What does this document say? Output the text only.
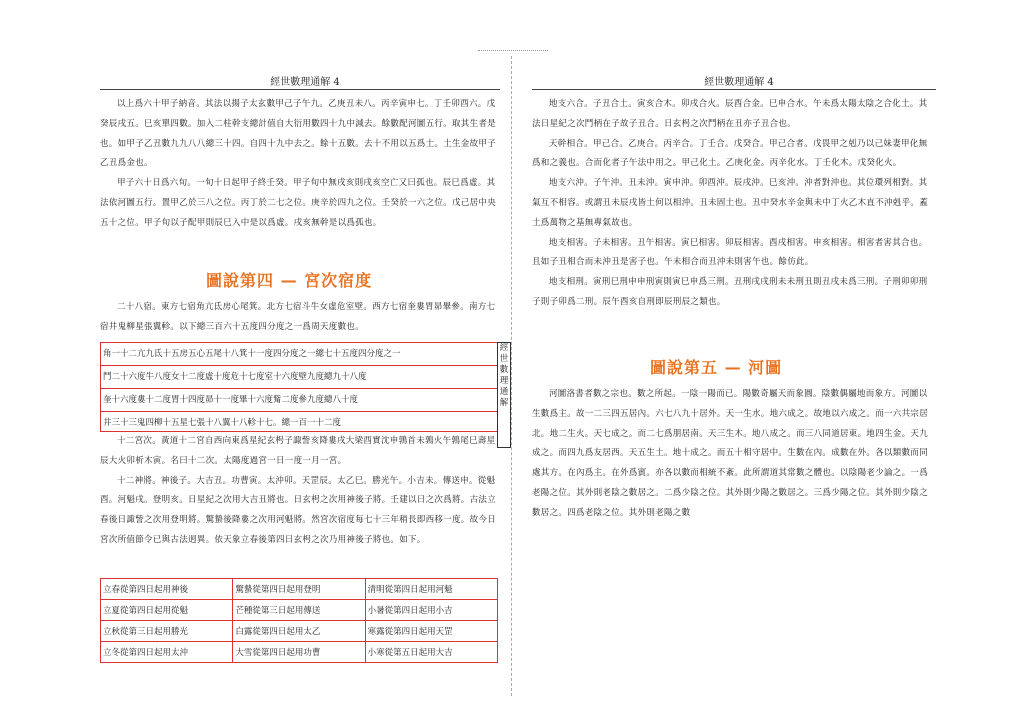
經世數理通解 4

以上爲六十甲子納音。其法以揚子太玄數甲己子午九。乙庚丑未八。丙辛寅申七。丁壬卯酉六。戊癸辰戌五。巳亥單四數。加入二柱幹支總計值自大衍用數四十九中減去。餘數配河圖五行。取其生者是也。如甲子乙丑數九九八八總三十四。自四十九中去之。餘十五數。去十不用以五爲土。土生金故甲子乙丑爲金也。

甲子六十日爲六旬。一旬十日起甲子終壬癸。甲子旬中無戌亥則戌亥空亡又曰孤也。辰巳爲虛。其法依河圖五行。置甲乙於三八之位。丙丁於二七之位。庚辛於四九之位。壬癸於一六之位。戊己居中央五十之位。甲子旬以子配甲則辰巳入中是以爲虛。戌亥無幹是以爲孤也。

圖說第四 — 宮次宿度

二十八宿。東方七宿角亢氐房心尾箕。北方七宿斗牛女虛危室壁。西方七宿奎婁胃昴畢參。南方七宿井鬼柳星張翼軫。以下總三百六十五度四分度之一爲周天度數也。

角一十二亢九氐十五房五心五尾十八箕十一度四分度之一總七十五度四分度之一
鬥二十六度牛八度女十二度虛十度危十七度室十六度壁九度總九十八度
奎十六度婁十二度胃十四度昴十一度畢十六度觜二度參九度總八十度
井三十三鬼四柳十五星七張十八翼十八軫十七。總一百一十二度
經世數理通解

十二宮次。黃道十二宮自西向東爲星紀玄枵子諏訾亥降婁戌大梁酉實沈申鶉首未鶉火午鶉尾巳壽星辰大火卯析木寅。名曰十二次。太陽度過宮一日一度一月一宮。

十二神將。神後子。大吉丑。功曹寅。太沖卯。天罡辰。太乙巳。勝光午。小吉未。傳送申。從魁酉。河魁戌。登明亥。日星紀之次用大吉丑將也。日玄枵之次用神後子將。壬建以日之次爲將。古法立春後日諏訾之次用登明將。驚蟄後降婁之次用河魁將。然宮次宿度每七十三年稍長即西移一度。故今日宮次所值節令已與古法迥異。依天象立春後第四日玄枵之次乃用神後子將也。如下。

立春從第四日起用神後	驚蟄從第四日起用登明	清明從第四日起用河魁
立夏從第四日起用從魁	芒種從第三日起用傳送	小暑從第四日起用小吉
立秋從第三日起用勝光	白露從第四日起用太乙	寒露從第四日起用天罡
立冬從第四日起用太沖	大雪從第四日起用功曹	小寒從第五日起用大吉
經世數理通解 4

地支六合。子丑合土。寅亥合木。卯戌合火。辰酉合金。巳申合水。午未爲太陽太陰之合化土。其法日星紀之次鬥柄在子故子丑合。日玄枵之次鬥柄在丑亦子丑合也。

天幹相合。甲己合。乙庚合。丙辛合。丁壬合。戊癸合。甲己合者。戊畏甲之剋乃以己妹妻甲化無爲和之義也。合而化者子午法中用之。甲己化土。乙庚化金。丙辛化水。丁壬化木。戊癸化火。

地支六沖。子午沖。丑未沖。寅申沖。卯酉沖。辰戌沖。巳亥沖。沖者對沖也。其位環列相對。其氣互不相容。或謂丑未辰戌皆土何以相沖。丑未固土也。丑中癸水辛金與未中丁火乙木直不沖剋乎。蓋土爲萬物之基無專氣故也。

地支相害。子未相害。丑午相害。寅巳相害。卯辰相害。酉戌相害。申亥相害。相害者害其合也。且如子丑相合而未沖丑是害子也。午未相合而丑沖未則害午也。餘仿此。

地支相刑。寅刑巳刑申申刑寅則寅巳申爲三刑。丑刑戌戌刑未未刑丑則丑戌未爲三刑。子刑卯卯刑子則子卯爲二刑。辰午酉亥自刑即辰刑辰之類也。

圖說第五 — 河圖

河圖洛書者數之宗也。數之所起。一陰一陽而已。陽數奇屬天而象圓。陰數偶屬地而象方。河圖以生數爲主。故一二三四五居內。六七八九十居外。天一生水。地六成之。故地以六成之。而一六共宗居北。地二生火。天七成之。而二七爲朋居南。天三生木。地八成之。而三八同道居東。地四生金。天九成之。而四九爲友居西。天五生土。地十成之。而五十相守居中。生數在內。成數在外。各以類數而同處其方。在內爲主。在外爲賓。亦各以數而相統不紊。此所謂道其常數之體也。以陰陽老少論之。一爲老陽之位。其外則老陰之數居之。二爲少陰之位。其外則少陽之數居之。三爲少陽之位。其外則少陰之數居之。四爲老陰之位。其外則老陽之數
